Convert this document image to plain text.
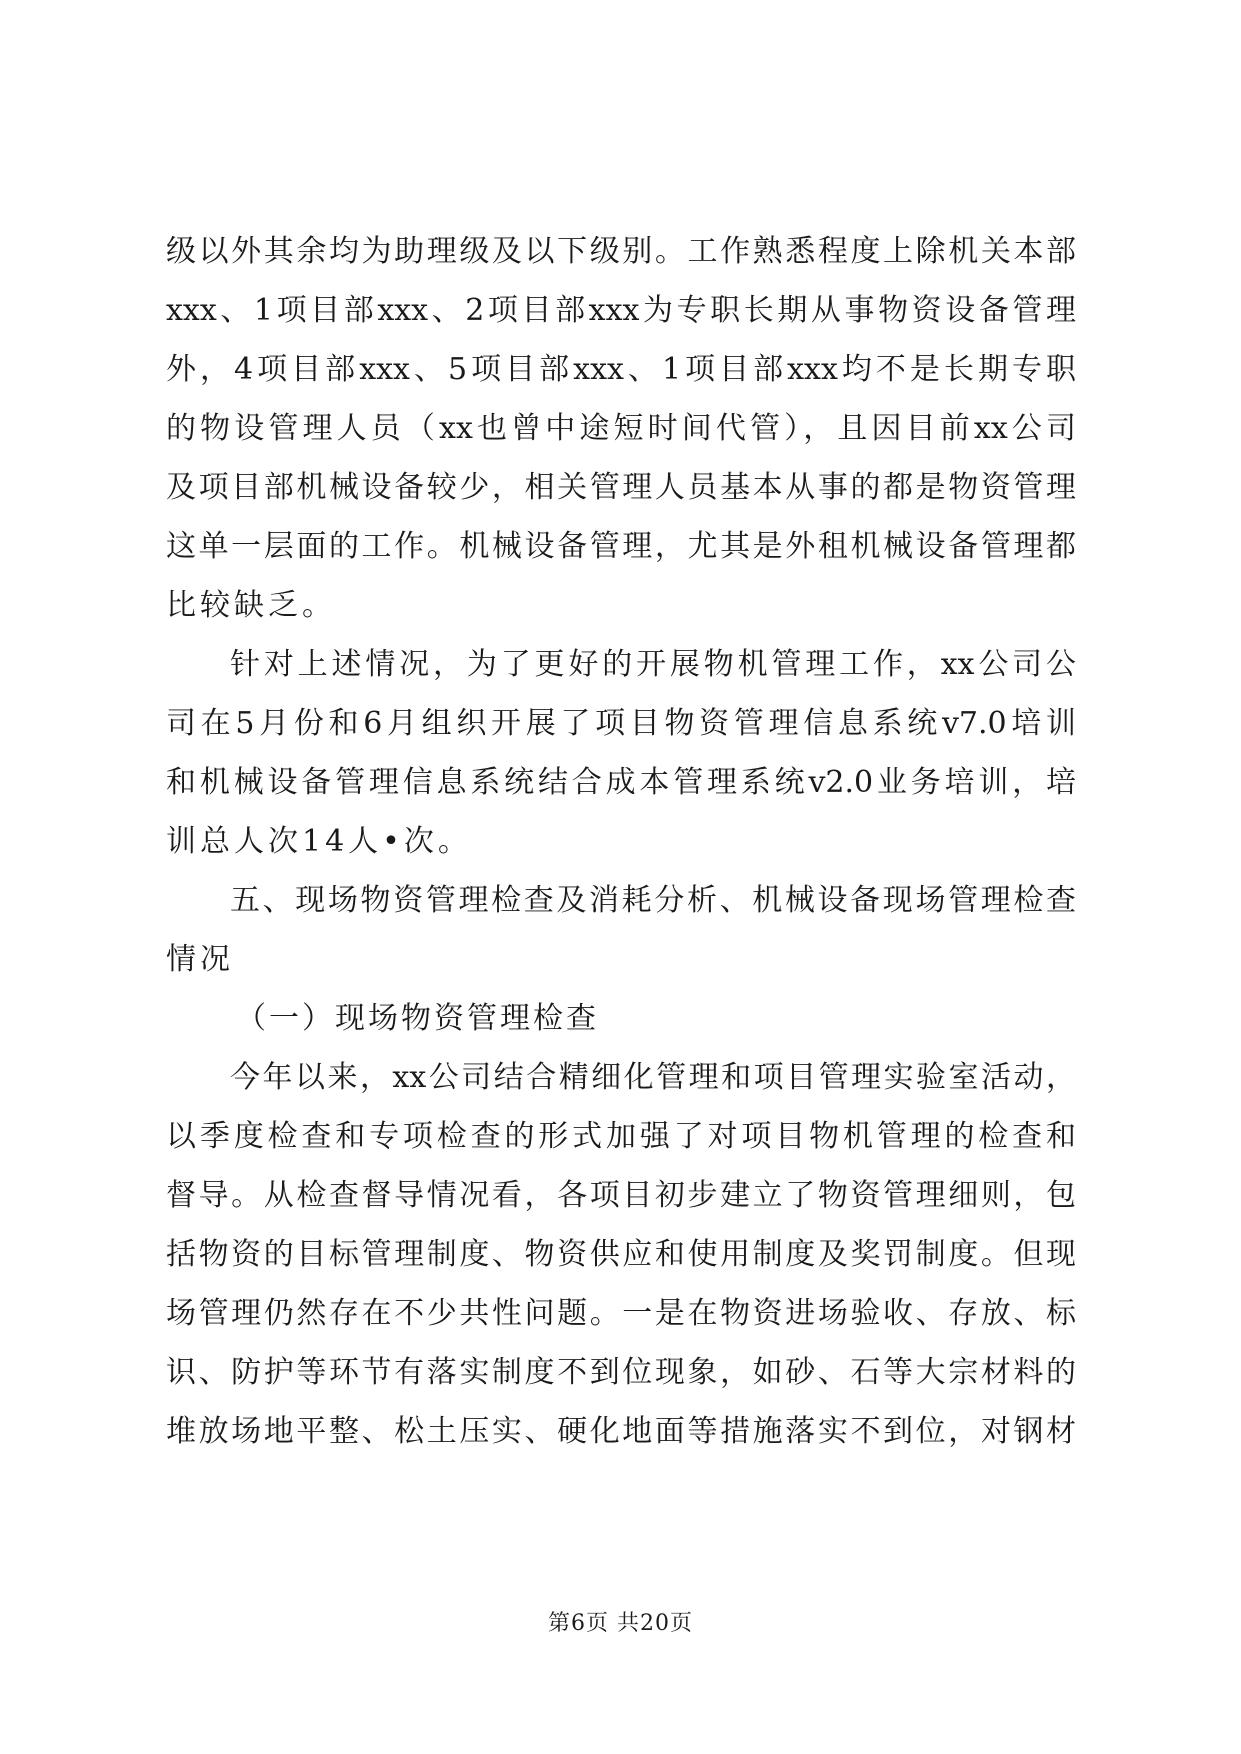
级以外其余均为助理级及以下级别。工作熟悉程度上除机关本部
xxx、1项目部xxx、2项目部xxx为专职长期从事物资设备管理
外，4项目部xxx、5项目部xxx、1项目部xxx均不是长期专职
的物设管理人员（xx也曾中途短时间代管），且因目前xx公司
及项目部机械设备较少，相关管理人员基本从事的都是物资管理
这单一层面的工作。机械设备管理，尤其是外租机械设备管理都
比较缺乏。
针对上述情况，为了更好的开展物机管理工作，xx公司公
司在5月份和6月组织开展了项目物资管理信息系统v7.0培训
和机械设备管理信息系统结合成本管理系统v2.0业务培训，培
训总人次14人•次。
五、现场物资管理检查及消耗分析、机械设备现场管理检查
情况
（一）现场物资管理检查
今年以来，xx公司结合精细化管理和项目管理实验室活动，
以季度检查和专项检查的形式加强了对项目物机管理的检查和
督导。从检查督导情况看，各项目初步建立了物资管理细则，包
括物资的目标管理制度、物资供应和使用制度及奖罚制度。但现
场管理仍然存在不少共性问题。一是在物资进场验收、存放、标
识、防护等环节有落实制度不到位现象，如砂、石等大宗材料的
堆放场地平整、松土压实、硬化地面等措施落实不到位，对钢材
第6页 共20页
